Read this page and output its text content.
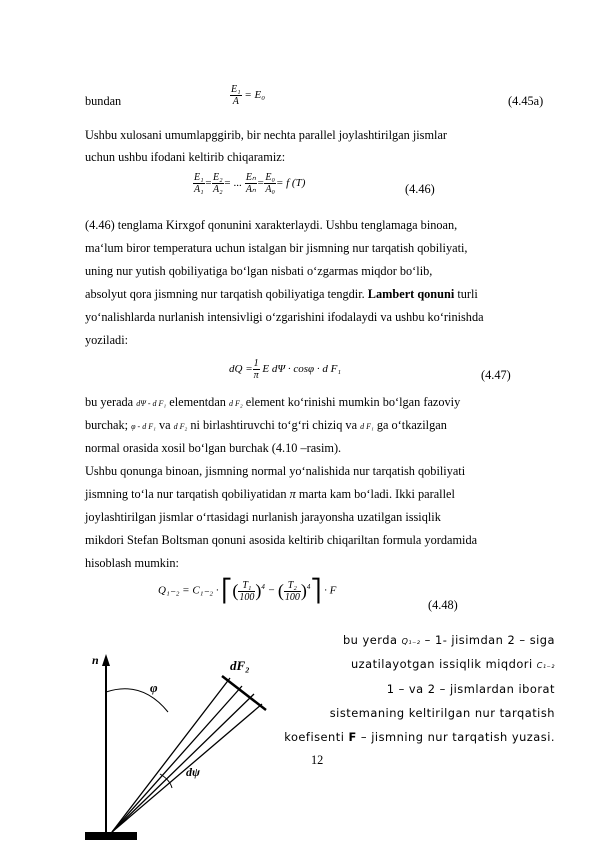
bundan	$\frac{\text{E₁}}{A} = E_0$	(4.45a)
Ushbu xulosani umumlapggirib, bir nechta parallel joylashtirilgan jismlar
uchun ushbu ifodani keltirib chiqaramiz:
$\frac{\text{E₁}}{\text{A₁}} = \frac{\text{E₂}}{\text{A₂}}$ = ... $\frac{\text{Eₙ}}{\text{Aₙ}} = \frac{\text{E₀}}{\text{A₀}} = f$ (T)	(4.46)
(4.46) tenglama Kirxgof qonunini xarakterlaydi. Ushbu tenglamaga binoan,
ma‘lum biror temperatura uchun istalgan bir jismning nur tarqatish qobiliyati,
uning nur yutish qobiliyatiga bo‘lgan nisbati o‘zgarmas miqdor bo‘lib,
absolyut qora jismning nur tarqatish qobiliyatiga tengdir. Lambert qonuni turli
yo‘nalishlarda nurlanish intensivligi o‘zgarishini ifodalaydi va ushbu ko‘rinishda
yoziladi:
dQ = $\frac{1}{\pi}$ E dΨ · cosφ · d F₁	(4.47)
bu yerada dΨ - d F₁ elementdan d F₂ element ko‘rinishi mumkin bo‘lgan fazoviy
burchak; φ - d F₁ va d F₂ ni birlashtiruvchi to‘g‘ri chiziq va d F₁ ga o‘tkazilgan
normal orasida xosil bo‘lgan burchak (4.10 –rasim).
Ushbu qonunga binoan, jismning normal yo‘nalishida nur tarqatish qobiliyati
jismning to‘la nur tarqatish qobiliyatidan π marta kam bo‘ladi. Ikki parallel
joylashtirilgan jismlar o‘rtasidagi nurlanish jarayonsha uzatilgan issiqlik
mikdori Stefan Boltsman qonuni asosida keltirib chiqariltan formula yordamida
hisoblash mumkin:
Q₁₋₂ = C₁₋₂ · ⎡( $\frac{\text{T₁}}{100} )^4$ − ( $\frac{\text{T₂}}{100}$ )$^4$⎤ · F
(4.48)
bu yerda Q₁₋₂ – 1- jisimdan 2 – siga
uzatilayotgan issiqlik miqdori C₁₋₂
1 – va 2 – jismlardan iborat
sistemaning keltirilgan nur tarqatish
koefisenti F – jismning nur tarqatish yuzasi.
12
n	dF₂
φ
dψ
